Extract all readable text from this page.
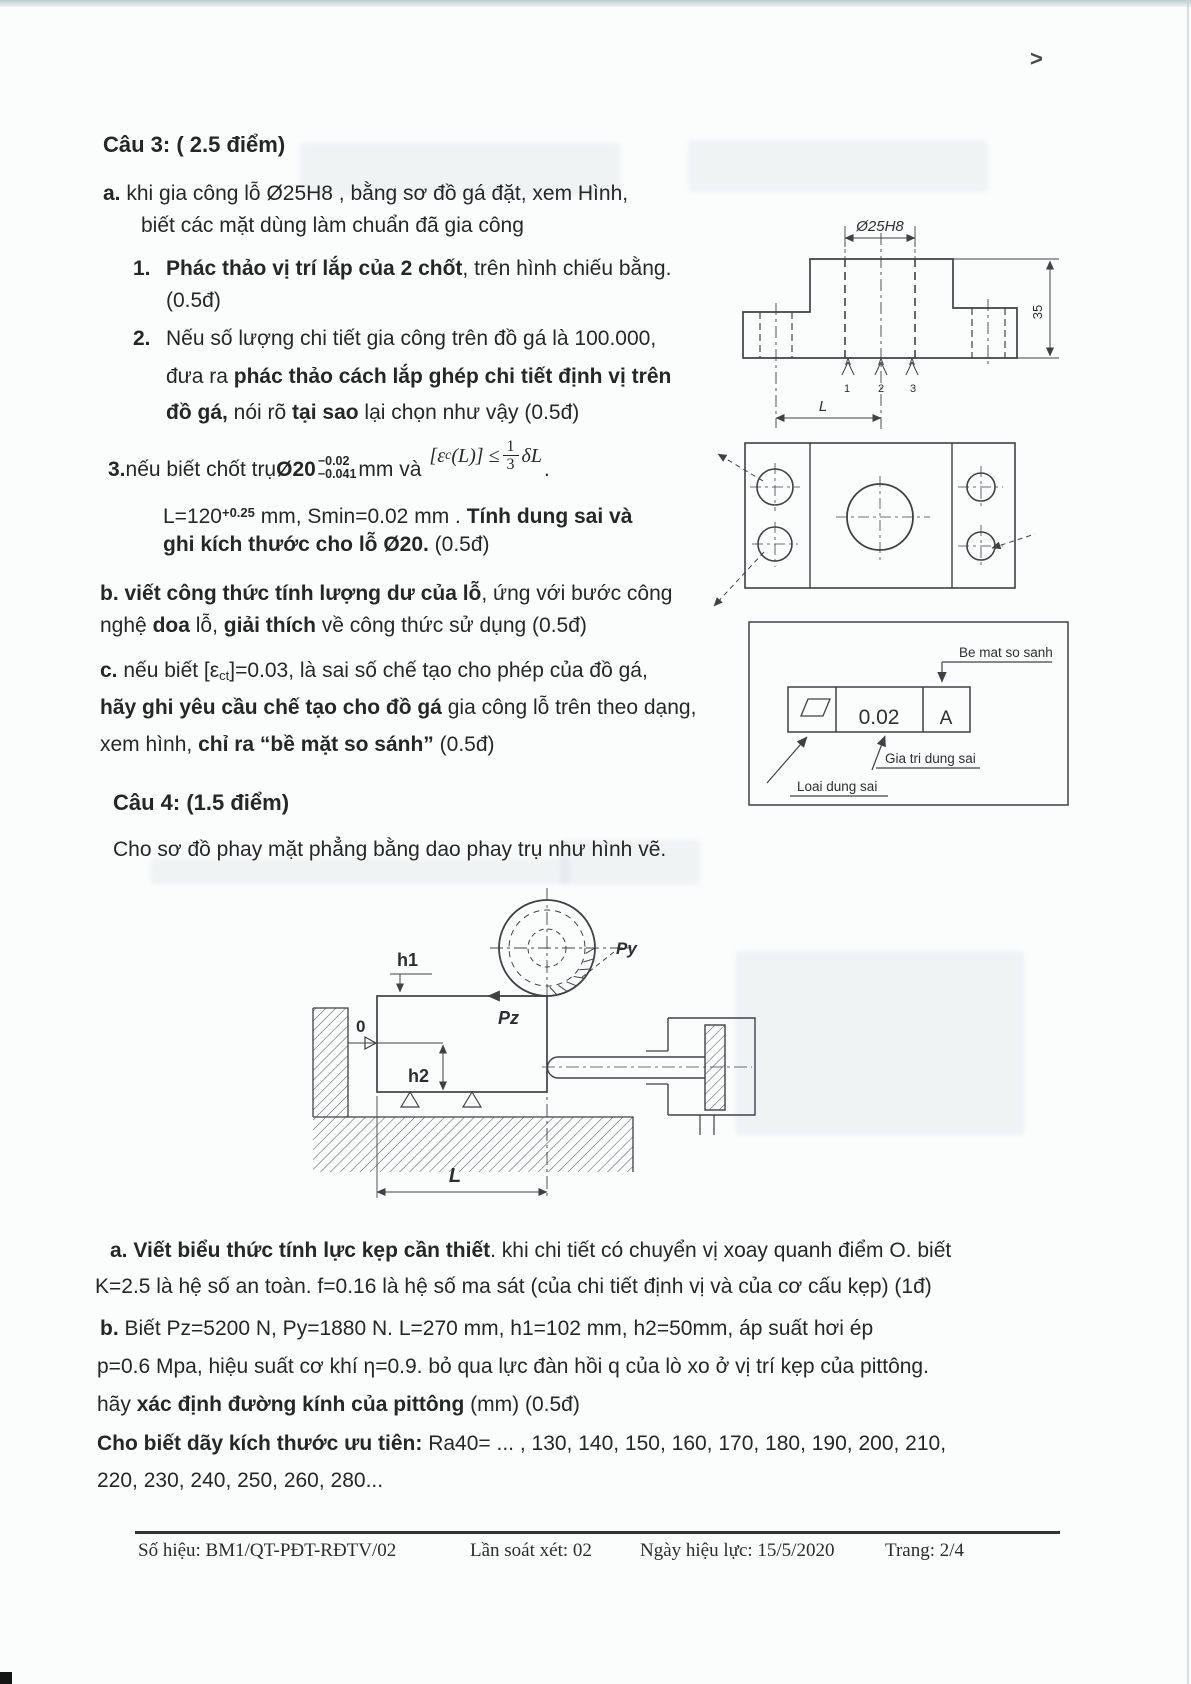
˃
Câu 3: ( 2.5 điểm)
a. khi gia công lỗ Ø25H8 , bằng sơ đồ gá đặt, xem Hình,
biết các mặt dùng làm chuẩn đã gia công
1. Phác thảo vị trí lắp của 2 chốt, trên hình chiếu bằng.
(0.5đ)
2. Nếu số lượng chi tiết gia công trên đồ gá là 100.000,
đưa ra phác thảo cách lắp ghép chi tiết định vị trên
đồ gá, nói rõ tại sao lại chọn như vậy (0.5đ)
3. nếu biết chốt trụ Ø20 −0.02
−0.041 mm và
[ε c $(L)] \le \frac{1}{3}$ δL
.
$L=120^{+0.25}$ mm, Smin=0.02 mm . Tính dung sai và
ghi kích thước cho lỗ Ø20. (0.5đ)
b. viết công thức tính lượng dư của lỗ, ứng với bước công
nghệ doa lỗ, giải thích về công thức sử dụng (0.5đ)
c. nếu biết $[\varepsilon_{ct}]=0.03$, là sai số chế tạo cho phép của đồ gá,
hãy ghi yêu cầu chế tạo cho đồ gá gia công lỗ trên theo dạng,
xem hình, chỉ ra “bề mặt so sánh” (0.5đ)
Câu 4: (1.5 điểm)
Cho sơ đồ phay mặt phẳng bằng dao phay trụ như hình vẽ.
a. Viết biểu thức tính lực kẹp cần thiết. khi chi tiết có chuyển vị xoay quanh điểm O. biết
K=2.5 là hệ số an toàn. f=0.16 là hệ số ma sát (của chi tiết định vị và của cơ cấu kẹp) (1đ)
b. Biết Pz=5200 N, Py=1880 N. L=270 mm, h1=102 mm, h2=50mm, áp suất hơi ép
p=0.6 Mpa, hiệu suất cơ khí η=0.9. bỏ qua lực đàn hồi q của lò xo ở vị trí kẹp của pittông.
hãy xác định đường kính của pittông (mm) (0.5đ)
Cho biết dãy kích thước ưu tiên: Ra40= ... , 130, 140, 150, 160, 170, 180, 190, 200, 210,
220, 230, 240, 250, 260, 280...
Ø25H8
L
35
1	2 3
0.02 A
Be mat so sanh
Gia tri dung sai
Loai dung sai
h1
0
h2
Pz
Py
L
Số hiệu: BM1/QT-PĐT-RĐTV/02	Lần soát xét: 02	Ngày hiệu lực: 15/5/2020	Trang: 2/4
